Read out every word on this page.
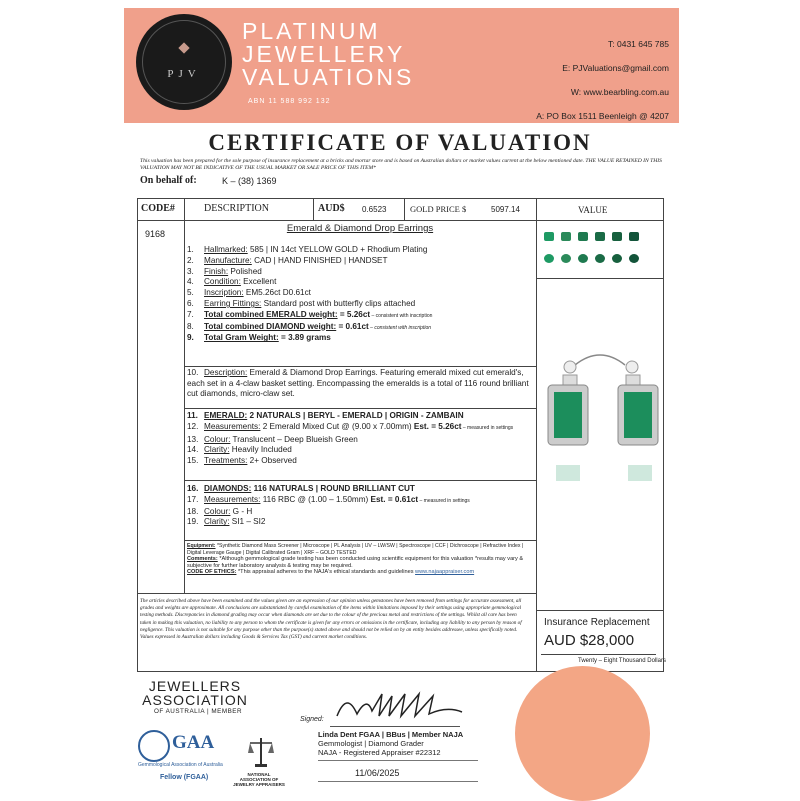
PJV
PLATINUM
JEWELLERY
VALUATIONS
ABN 11 588 992 132
T: 0431 645 785
E: PJValuations@gmail.com
W: www.bearbling.com.au
A: PO Box 1511 Beenleigh @ 4207
CERTIFICATE OF VALUATION
This valuation has been prepared for the sole purpose of insurance replacement at a bricks and mortar store and is based on Australian dollars or market values current at the below mentioned date. THE VALUE RETAINED IN THIS VALUATION MAY NOT BE INDICATIVE OF THE USUAL MARKET OR SALE PRICE OF THIS ITEM*
On behalf of:	K – (38) 1369
CODE#	DESCRIPTION	AUD$ 0.6523	GOLD PRICE $	5097.14	VALUE
9168	Emerald & Diamond Drop Earrings
1. Hallmarked: 585 | IN 14ct YELLOW GOLD + Rhodium Plating
2. Manufacture: CAD | HAND FINISHED | HANDSET
3. Finish: Polished
4. Condition: Excellent
5. Inscription: EM5.26ct D0.61ct
6. Earring Fittings: Standard post with butterfly clips attached
7. Total combined EMERALD weight: = 5.26ct – consistent with inscription
8. Total combined DIAMOND weight: = 0.61ct – consistent with inscription
9. Total Gram Weight: = 3.89 grams
10. Description: Emerald & Diamond Drop Earrings. Featuring emerald mixed cut emerald's, each set in a 4-claw basket setting. Encompassing the emeralds is a total of 116 round brilliant cut diamonds, micro-claw set.
11. EMERALD: 2 NATURALS | BERYL - EMERALD | ORIGIN - ZAMBAIN
12. Measurements: 2 Emerald Mixed Cut @ (9.00 x 7.00mm) Est. = 5.26ct – measured in settings
13. Colour: Translucent – Deep Blueish Green
14. Clarity: Heavily Included
15. Treatments: 2+ Observed
16. DIAMONDS: 116 NATURALS | ROUND BRILLIANT CUT
17. Measurements: 116 RBC @ (1.00 – 1.50mm) Est. = 0.61ct – measured in settings
18. Colour: G - H
19. Clarity: SI1 – SI2
Equipment: *Synthetic Diamond Mass Screener | Microscope | PL Analysis | UV – LW/SW | Spectroscope | CCF | Dichroscope | Refractive Index | Digital Leverage Gauge | Digital Calibrated Gram | XRF – GOLD TESTED
Comments: *Although gemmological grade testing has been conducted using scientific equipment for this valuation *results may vary & subjective for further laboratory analysis & testing may be required.
CODE OF ETHICS: *This appraisal adheres to the NAJA's ethical standards and guidelines www.najaappraiser.com
The articles described above have been examined and the values given are an expression of our opinion unless gemstones have been removed from settings for accurate assessment, all grades and weights are approximate. All conclusions are substantiated by careful examination of the items within limitations imposed by their settings using appropriate gemmological testing methods. Discrepancies in diamond grading may occur when diamonds are set due to the colour of the precious metal and restrictions of the settings. Whilst all care has been taken in making this valuation, no liability to any person to whom the certificate is given for any errors or omissions in the certificate, including any liability to any person by reason of negligence. This valuation is not suitable for any purpose other than the purpose(s) stated above and should not be relied on by an entity besides addressee, unless specifically noted. Values expressed in Australian dollars including Goods & Services Tax (GST) and current market conditions.
Insurance Replacement
AUD $28,000
Twenty – Eight Thousand Dollars
JEWELLERS
ASSOCIATION
OF AUSTRALIA | MEMBER
GAA
Gemmological Association of Australia
Fellow (FGAA)	NATIONAL ASSOCIATION OF JEWELRY APPRAISERS
Signed:
Linda Dent FGAA | BBus | Member NAJA
Gemmologist | Diamond Grader
NAJA - Registered Appraiser #22312
11/06/2025
